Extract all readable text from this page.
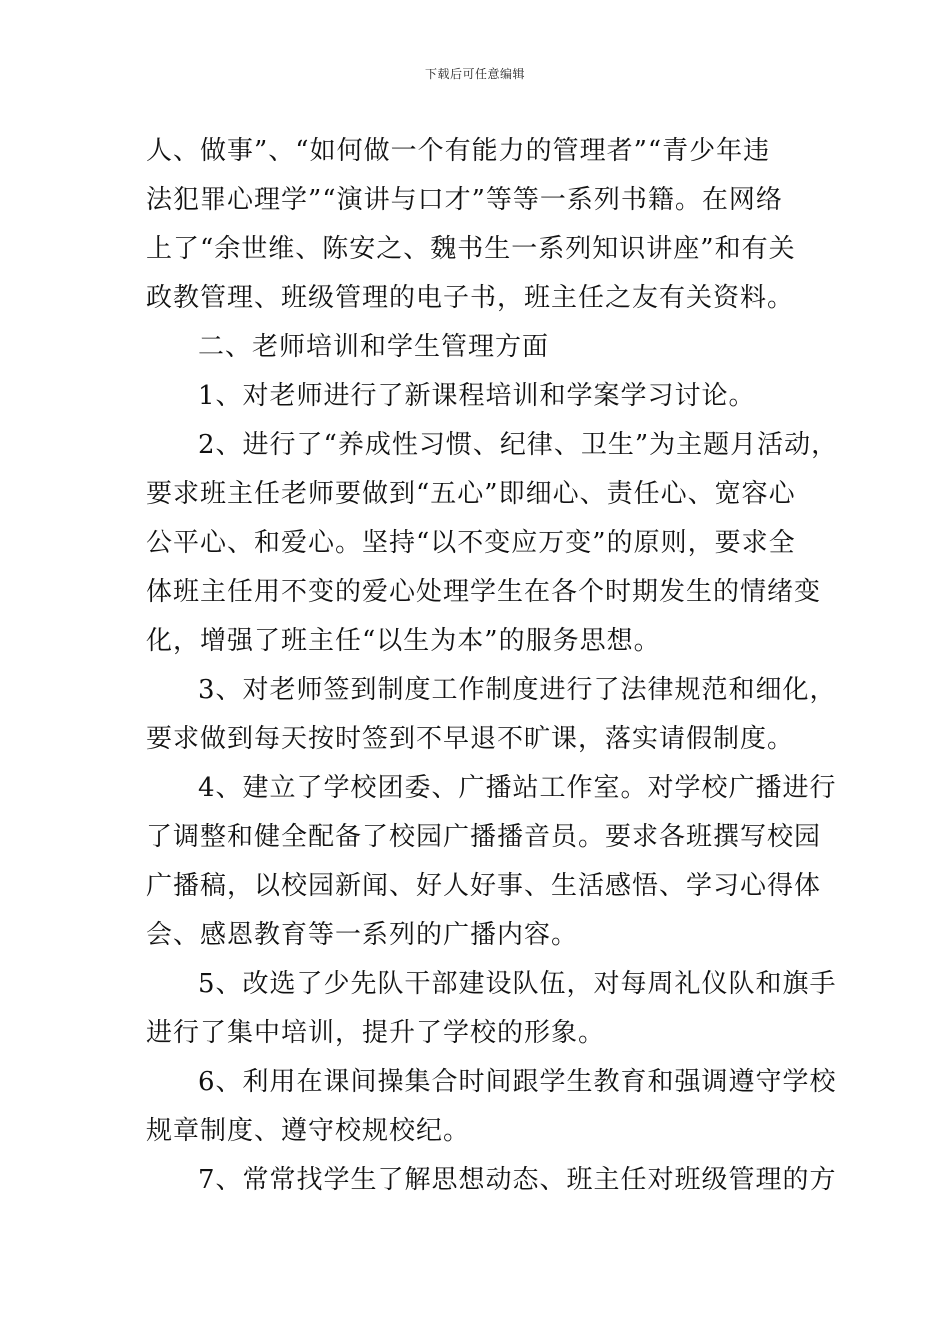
下载后可任意编辑
人、做事”、“如何做一个有能力的管理者”“青少年违
法犯罪心理学”“演讲与口才”等等一系列书籍。在网络
上了“余世维、陈安之、魏书生一系列知识讲座”和有关
政教管理、班级管理的电子书，班主任之友有关资料。
二、老师培训和学生管理方面
1、对老师进行了新课程培训和学案学习讨论。
2、进行了“养成性习惯、纪律、卫生”为主题月活动，
要求班主任老师要做到“五心”即细心、责任心、宽容心
公平心、和爱心。坚持“以不变应万变”的原则，要求全
体班主任用不变的爱心处理学生在各个时期发生的情绪变
化，增强了班主任“以生为本”的服务思想。
3、对老师签到制度工作制度进行了法律规范和细化，
要求做到每天按时签到不早退不旷课，落实请假制度。
4、建立了学校团委、广播站工作室。对学校广播进行
了调整和健全配备了校园广播播音员。要求各班撰写校园
广播稿，以校园新闻、好人好事、生活感悟、学习心得体
会、感恩教育等一系列的广播内容。
5、改选了少先队干部建设队伍，对每周礼仪队和旗手
进行了集中培训，提升了学校的形象。
6、利用在课间操集合时间跟学生教育和强调遵守学校
规章制度、遵守校规校纪。
7、常常找学生了解思想动态、班主任对班级管理的方
